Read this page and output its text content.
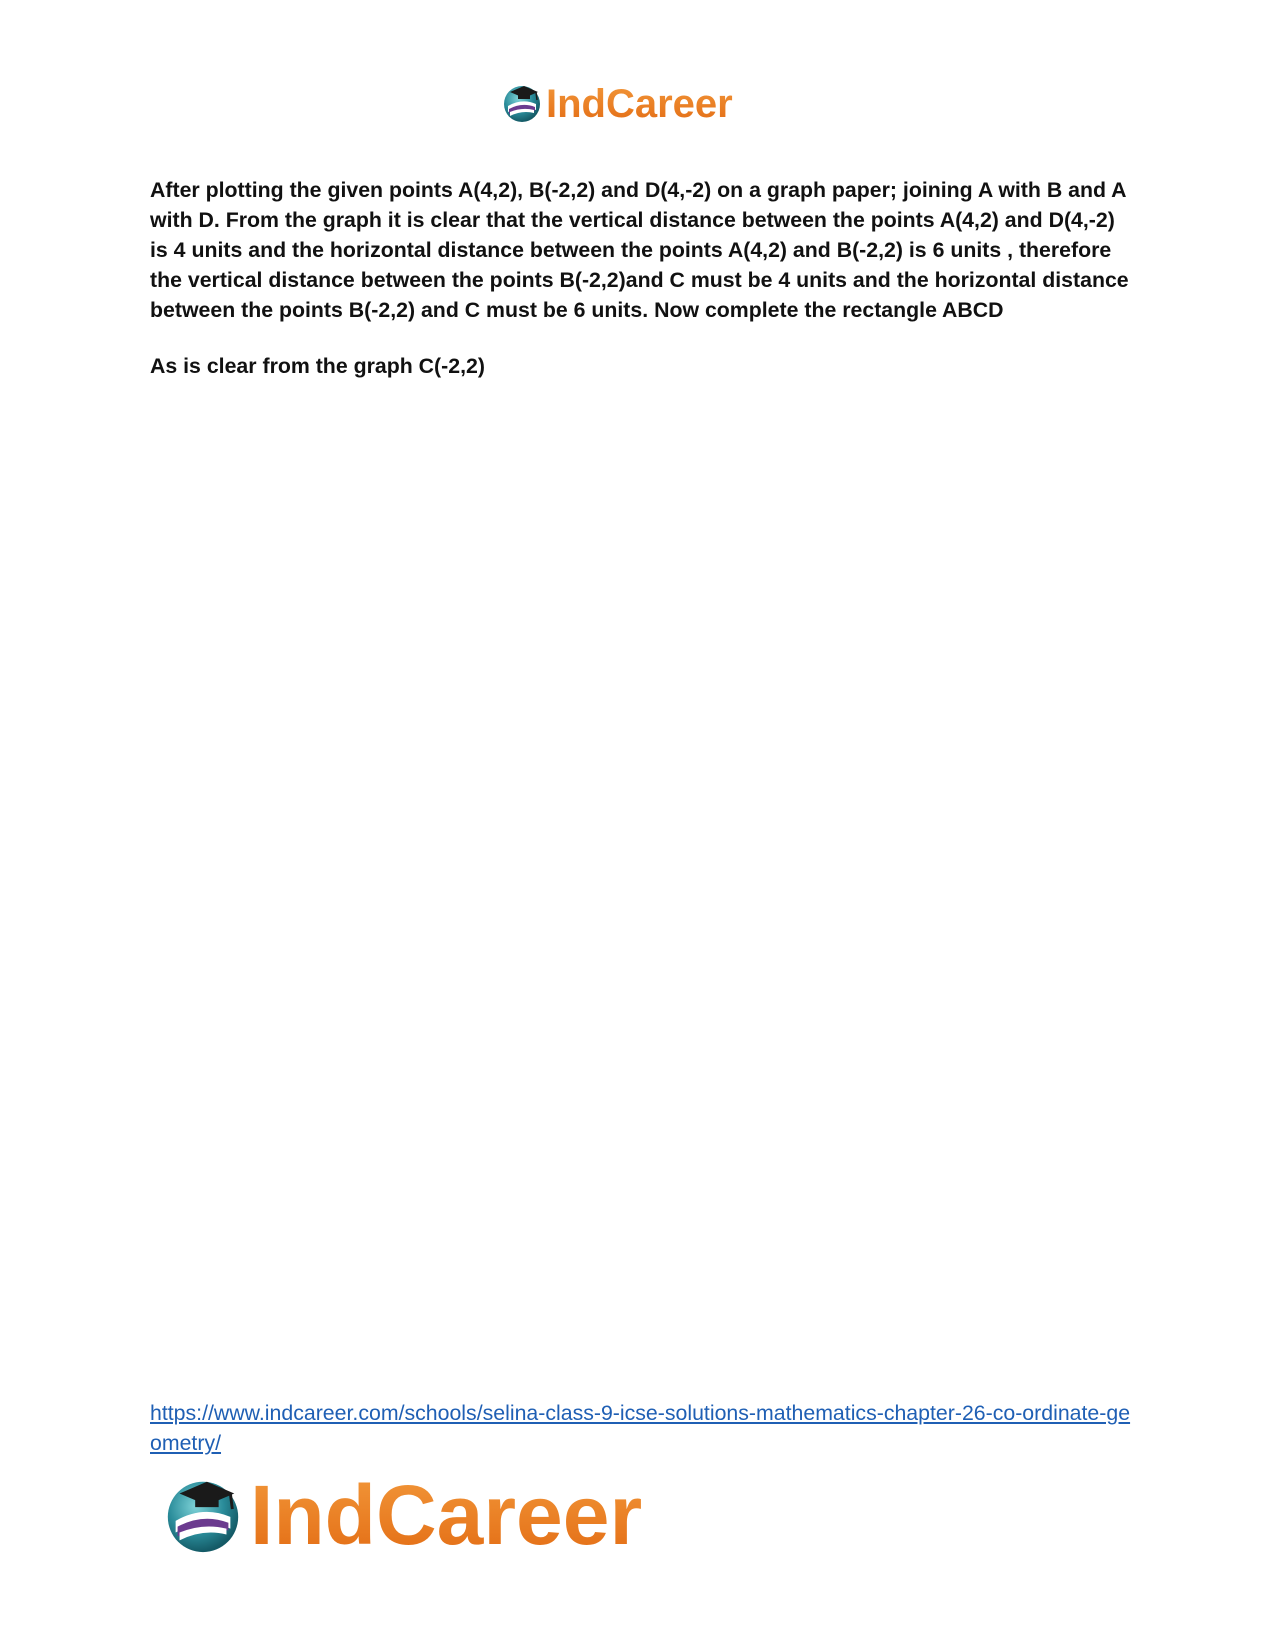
IndCareer

After plotting the given points A(4,2), B(-2,2) and D(4,-2) on a graph paper; joining A with B and A with D. From the graph it is clear that the vertical distance between the points A(4,2) and D(4,-2) is 4 units and the horizontal distance between the points A(4,2) and B(-2,2) is 6 units , therefore the vertical distance between the points B(-2,2)and C must be 4 units and the horizontal distance between the points B(-2,2) and C must be 6 units. Now complete the rectangle ABCD

As is clear from the graph C(-2,2)

https://www.indcareer.com/schools/selina-class-9-icse-solutions-mathematics-chapter-26-co-ordinate-geometry/
IndCareer
